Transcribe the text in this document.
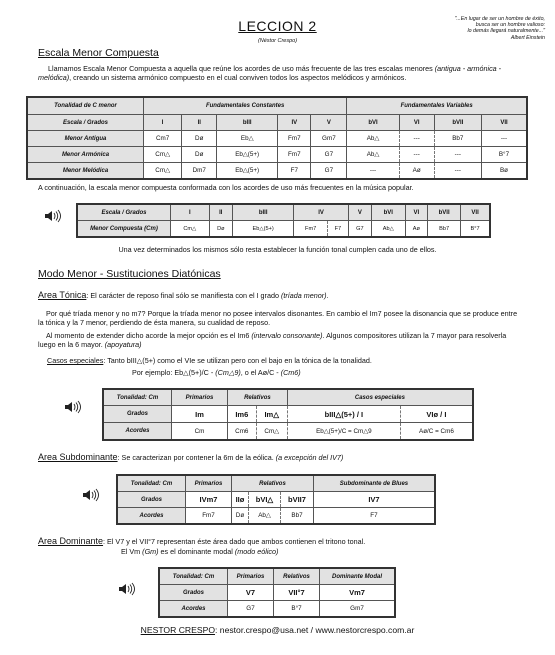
LECCION 2
(Néstor Crespo)
"...En lugar de ser un hombre de éxito,
busca ser un hombre valioso:
lo demás llegará naturalmente..."
Albert Einstein
Escala Menor Compuesta
Llamamos Escala Menor Compuesta a aquella que reúne los acordes de uso más frecuente de las tres escalas menores (antigua - armónica - melódica), creando un sistema armónico compuesto en el cual conviven todos los aspectos melódicos y armónicos.
Tonalidad de C menor	Fundamentales Constantes					Fundamentales Variables			
Escala / Grados	I	II	bIII	IV	V	bVI	VI	bVII	VII
Menor Antigua	Cm7	Dø	Eb△	Fm7	Gm7	Ab△	---	Bb7	---
Menor Armónica	Cm△	Dø	Eb△(5+)	Fm7	G7	Ab△	---	---	B°7
Menor Melódica	Cm△	Dm7	Eb△(5+)	F7	G7	---	Aø	---	Bø
A continuación, la escala menor compuesta conformada con los acordes de uso más frecuentes en la música popular.
Escala / Grados	I	II	bIII	IV		V	bVI	VI	bVII	VII
Menor Compuesta (Cm)	Cm△	Dø	Eb△(5+)	Fm7	F7	G7	Ab△	Aø	Bb7	B°7
Una vez determinados los mismos sólo resta establecer la función tonal cumplen cada uno de ellos.
Modo Menor - Sustituciones Diatónicas
Area Tónica: El carácter de reposo final sólo se manifiesta con el I grado (tríada menor).
Por qué tríada menor y no m7? Porque la tríada menor no posee intervalos disonantes. En cambio el Im7 posee la disonancia que se produce entre la tónica y la 7 menor, perdiendo de ésta manera, su cualidad de reposo.
Al momento de extender dicho acorde la mejor opción es el Im6 (intervalo consonante). Algunos compositores utilizan la 7 mayor para resolverla luego en la 6 mayor. (apoyatura)
Casos especiales: Tanto bIII△(5+) como el VIe se utilizan pero con el bajo en la tónica de la tonalidad.
Por ejemplo: Eb△(5+)/C - (Cm△9), o el Aø/C - (Cm6)
Tonalidad: Cm	Primarios	Relativos		Casos especiales	
Grados	Im	Im6	Im△	bIII△(5+) / I	VIø / I
Acordes	Cm	Cm6	Cm△	Eb△(5+)/C = Cm△9	Aø/C = Cm6
Area Subdominante: Se caracterizan por contener la 6m de la eólica. (a excepción del IV7)
Tonalidad: Cm	Primarios	Relativos			Subdominante de Blues
Grados	IVm7	IIø	bVI△	bVII7	IV7
Acordes	Fm7	Dø	Ab△	Bb7	F7
Area Dominante: El V7 y el VII°7 representan éste área dado que ambos contienen el tritono tonal.
El Vm (Gm) es el dominante modal (modo eólico)
Tonalidad: Cm	Primarios	Relativos	Dominante Modal
Grados	V7	VII°7	Vm7
Acordes	G7	B°7	Gm7
NESTOR CRESPO: nestor.crespo@usa.net / www.nestorcrespo.com.ar
